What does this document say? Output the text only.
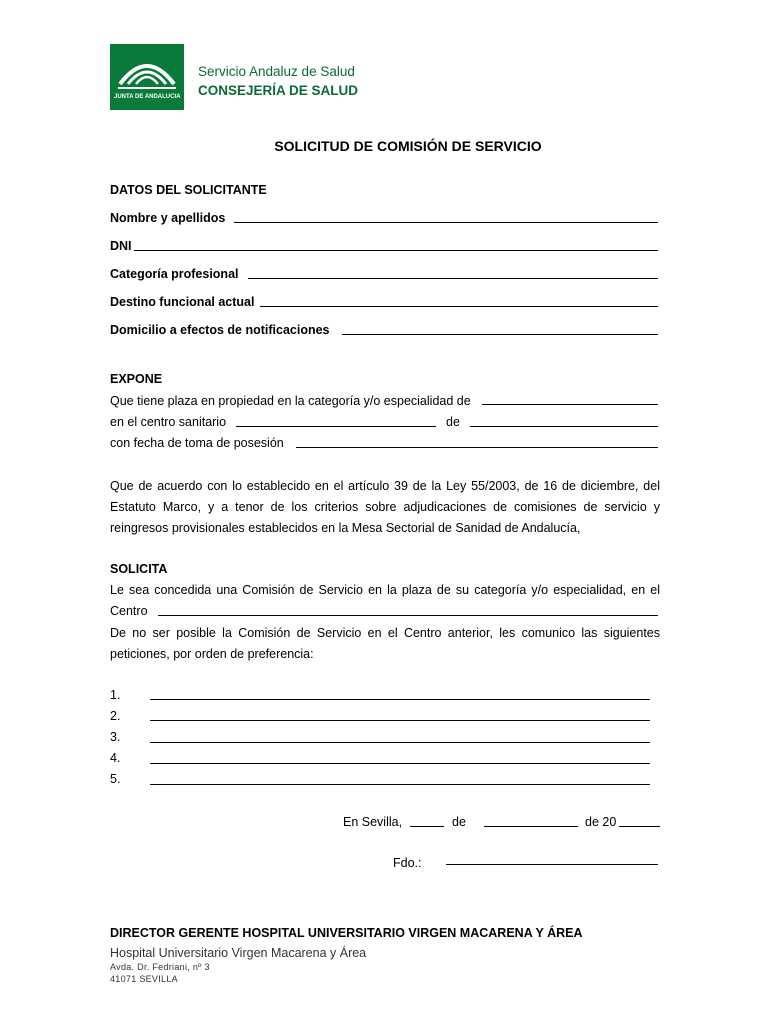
JUNTA DE ANDALUCIA
Servicio Andaluz de Salud
CONSEJERÍA DE SALUD
SOLICITUD DE COMISIÓN DE SERVICIO
DATOS DEL SOLICITANTE
Nombre y apellidos
DNI
Categoría profesional
Destino funcional actual
Domicilio a efectos de notificaciones
EXPONE
Que tiene plaza en propiedad en la categoría y/o especialidad de
en el centro sanitario	de
con fecha de toma de posesión
Que de acuerdo con lo establecido en el artículo 39 de la Ley 55/2003, de 16 de diciembre, del
Estatuto Marco, y a tenor de los criterios sobre adjudicaciones de comisiones de servicio y
reingresos provisionales establecidos en la Mesa Sectorial de Sanidad de Andalucía,
SOLICITA
Le sea concedida una Comisión de Servicio en la plaza de su categoría y/o especialidad, en el
Centro
De no ser posible la Comisión de Servicio en el Centro anterior, les comunico las siguientes
peticiones, por orden de preferencia:
1.
2.
3.
4.
5.
En Sevilla,	de	de 20
Fdo.:
DIRECTOR GERENTE HOSPITAL UNIVERSITARIO VIRGEN MACARENA Y ÁREA
Hospital Universitario Virgen Macarena y Área
Avda. Dr. Fedriani, nº 3
41071 SEVILLA
